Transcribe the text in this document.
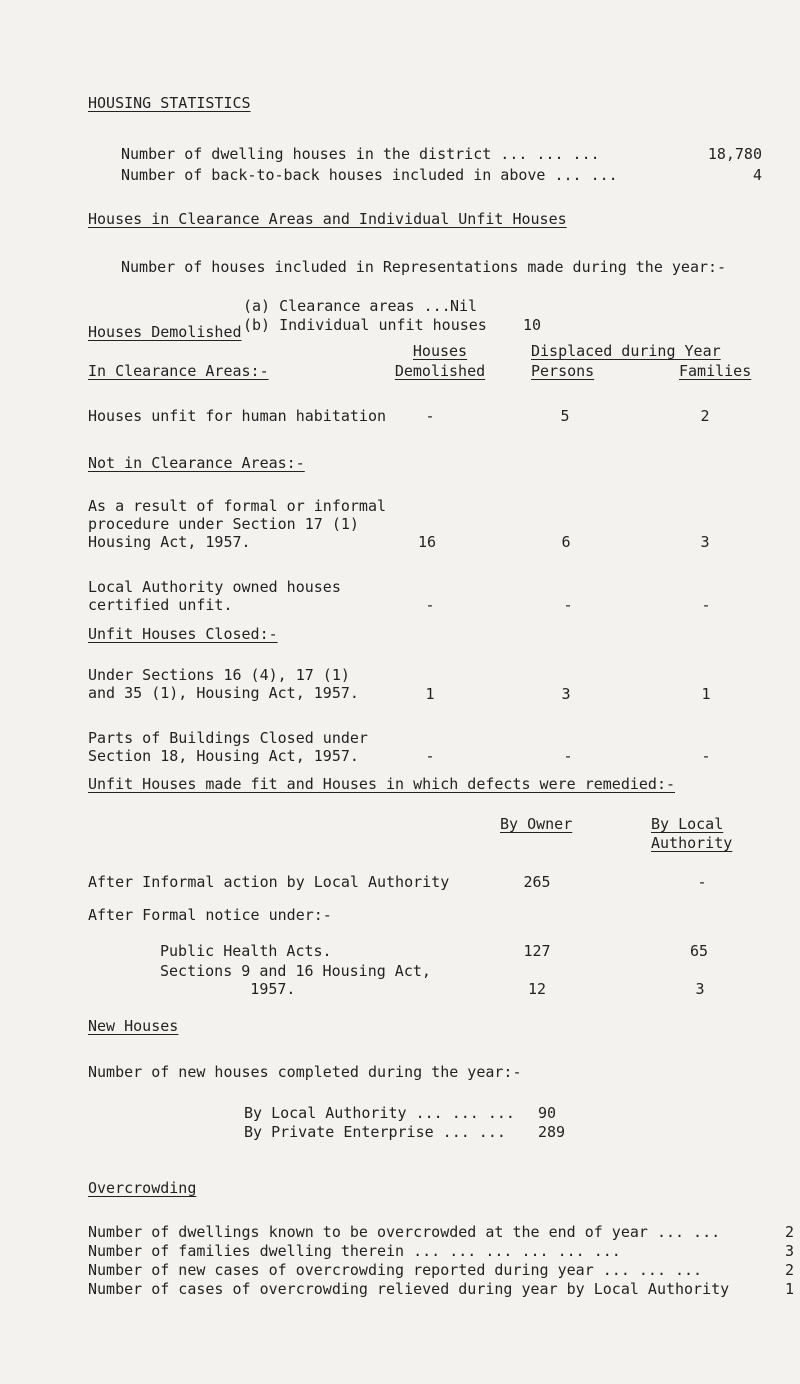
HOUSING STATISTICS
Number of dwelling houses in the district ... ... ...	18,780
Number of back-to-back houses included in above ... ...	4
Houses in Clearance Areas and Individual Unfit Houses
Number of houses included in Representations made during the year:-
(a) Clearance areas ... Nil
(b) Individual unfit houses 10
Houses Demolished
Houses	Displaced during Year
In Clearance Areas:-	Demolished	Persons	Families
Houses unfit for human habitation	-	5	2
Not in Clearance Areas:-
As a result of formal or informal
procedure under Section 17 (1)
Housing Act, 1957.	16	6	3
Local Authority owned houses
certified unfit.	-	-	-
Unfit Houses Closed:-
Under Sections 16 (4), 17 (1)
and 35 (1), Housing Act, 1957.	1	3	1
Parts of Buildings Closed under
Section 18, Housing Act, 1957.	-	-	-
Unfit Houses made fit and Houses in which defects were remedied:-
By Owner	By Local
Authority
After Informal action by Local Authority	265	-
After Formal notice under:-
Public Health Acts.	127	65
Sections 9 and 16 Housing Act,
1957.	12	3
New Houses
Number of new houses completed during the year:-
By Local Authority ... ... ... 90
By Private Enterprise ... ... 289
Overcrowding
Number of dwellings known to be overcrowded at the end of year ... ...	2
Number of families dwelling therein ... ... ... ... ... ...	3
Number of new cases of overcrowding reported during year ... ... ...	2
Number of cases of overcrowding relieved during year by Local Authority	1
